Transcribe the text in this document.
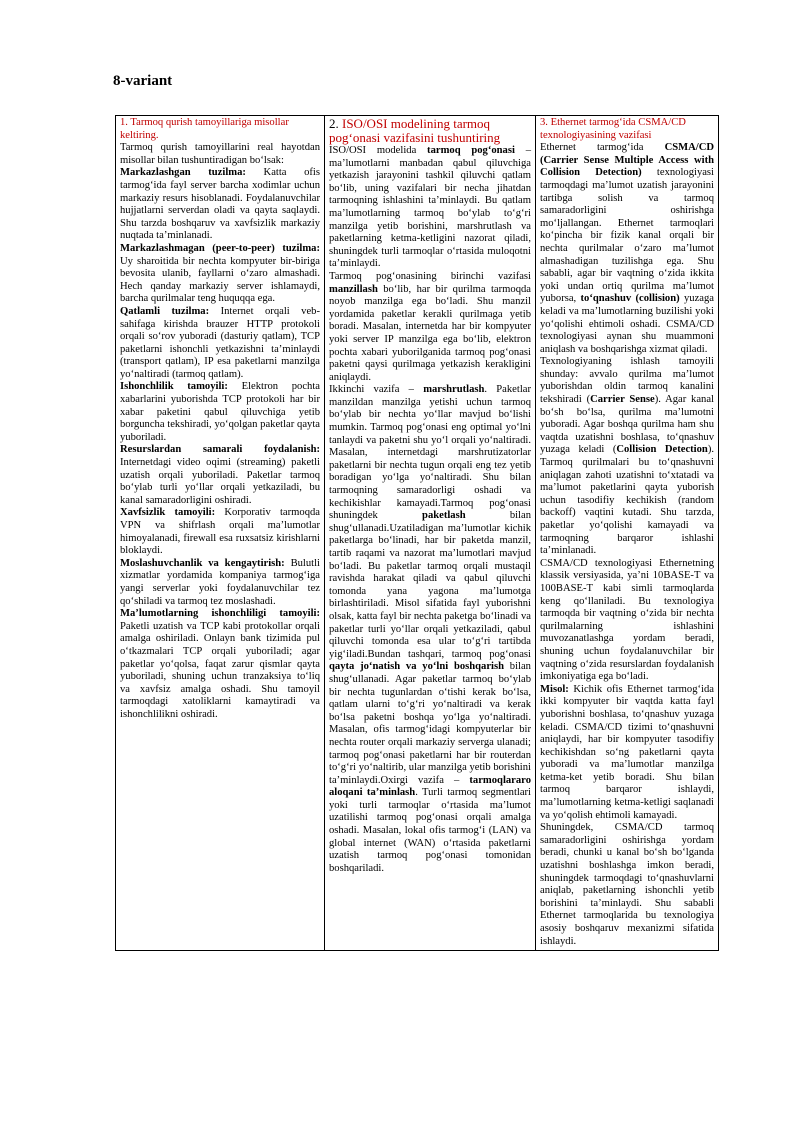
8-variant
1. Tarmoq qurish tamoyillariga misollar keltiring.

Tarmoq qurish tamoyillarini real hayotdan misollar bilan tushuntiradigan bo‘lsak:

Markazlashgan tuzilma: Katta ofis tarmog‘ida fayl server barcha xodimlar uchun markaziy resurs hisoblanadi. Foydalanuvchilar hujjatlarni serverdan oladi va qayta saqlaydi. Shu tarzda boshqaruv va xavfsizlik markaziy nuqtada ta’minlanadi.

Markazlashmagan (peer-to-peer) tuzilma: Uy sharoitida bir nechta kompyuter bir-biriga bevosita ulanib, fayllarni o‘zaro almashadi. Hech qanday markaziy server ishlamaydi, barcha qurilmalar teng huquqqa ega.

Qatlamli tuzilma: Internet orqali veb-sahifaga kirishda brauzer HTTP protokoli orqali so‘rov yuboradi (dasturiy qatlam), TCP paketlarni ishonchli yetkazishni ta’minlaydi (transport qatlam), IP esa paketlarni manzilga yo‘naltiradi (tarmoq qatlam).

Ishonchlilik tamoyili: Elektron pochta xabarlarini yuborishda TCP protokoli har bir xabar paketini qabul qiluvchiga yetib borguncha tekshiradi, yo‘qolgan paketlar qayta yuboriladi.

Resurslardan samarali foydalanish: Internetdagi video oqimi (streaming) paketli uzatish orqali yuboriladi. Paketlar tarmoq bo‘ylab turli yo‘llar orqali yetkaziladi, bu kanal samaradorligini oshiradi.

Xavfsizlik tamoyili: Korporativ tarmoqda VPN va shifrlash orqali ma’lumotlar himoyalanadi, firewall esa ruxsatsiz kirishlarni bloklaydi.

Moslashuvchanlik va kengaytirish: Bulutli xizmatlar yordamida kompaniya tarmog‘iga yangi serverlar yoki foydalanuvchilar tez qo‘shiladi va tarmoq tez moslashadi.

Ma’lumotlarning ishonchliligi tamoyili: Paketli uzatish va TCP kabi protokollar orqali amalga oshiriladi. Onlayn bank tizimida pul o‘tkazmalari TCP orqali yuboriladi; agar paketlar yo‘qolsa, faqat zarur qismlar qayta yuboriladi, shuning uchun tranzaksiya to‘liq va xavfsiz amalga oshadi. Shu tamoyil tarmoqdagi xatoliklarni kamaytiradi va ishonchlilikni oshiradi.

2. ISO/OSI modelining tarmoq pog‘onasi vazifasini tushuntiring

ISO/OSI modelida tarmoq pog‘onasi – ma’lumotlarni manbadan qabul qiluvchiga yetkazish jarayonini tashkil qiluvchi qatlam bo‘lib, uning vazifalari bir necha jihatdan tarmoqning ishlashini ta’minlaydi. Bu qatlam ma’lumotlarning tarmoq bo‘ylab to‘g‘ri manzilga yetib borishini, marshrutlash va paketlarning ketma-ketligini nazorat qiladi, shuningdek turli tarmoqlar o‘rtasida muloqotni ta’minlaydi.

Tarmoq pog‘onasining birinchi vazifasi manzillash bo‘lib, har bir qurilma tarmoqda noyob manzilga ega bo‘ladi. Shu manzil yordamida paketlar kerakli qurilmaga yetib boradi. Masalan, internetda har bir kompyuter yoki server IP manzilga ega bo‘lib, elektron pochta xabari yuborilganida tarmoq pog‘onasi paketni qaysi qurilmaga yetkazish kerakligini aniqlaydi.

Ikkinchi vazifa – marshrutlash. Paketlar manzildan manzilga yetishi uchun tarmoq bo‘ylab bir nechta yo‘llar mavjud bo‘lishi mumkin. Tarmoq pog‘onasi eng optimal yo‘lni tanlaydi va paketni shu yo‘l orqali yo‘naltiradi. Masalan, internetdagi marshrutizatorlar paketlarni bir nechta tugun orqali eng tez yetib boradigan yo‘lga yo‘naltiradi. Shu bilan tarmoqning samaradorligi oshadi va kechikishlar kamayadi.Tarmoq pog‘onasi shuningdek paketlash bilan shug‘ullanadi.Uzatiladigan ma’lumotlar kichik paketlarga bo‘linadi, har bir paketda manzil, tartib raqami va nazorat ma’lumotlari mavjud bo‘ladi. Bu paketlar tarmoq orqali mustaqil ravishda harakat qiladi va qabul qiluvchi tomonda yana yagona ma’lumotga birlashtiriladi. Misol sifatida fayl yuborishni olsak, katta fayl bir nechta paketga bo‘linadi va paketlar turli yo‘llar orqali yetkaziladi, qabul qiluvchi tomonda esa ular to‘g‘ri tartibda yig‘iladi.Bundan tashqari, tarmoq pog‘onasi qayta jo‘natish va yo‘lni boshqarish bilan shug‘ullanadi. Agar paketlar tarmoq bo‘ylab bir nechta tugunlardan o‘tishi kerak bo‘lsa, qatlam ularni to‘g‘ri yo‘naltiradi va kerak bo‘lsa paketni boshqa yo‘lga yo‘naltiradi. Masalan, ofis tarmog‘idagi kompyuterlar bir nechta router orqali markaziy serverga ulanadi; tarmoq pog‘onasi paketlarni har bir routerdan to‘g‘ri yo‘naltirib, ular manzilga yetib borishini ta’minlaydi.Oxirgi vazifa – tarmoqlararo aloqani ta’minlash. Turli tarmoq segmentlari yoki turli tarmoqlar o‘rtasida ma’lumot uzatilishi tarmoq pog‘onasi orqali amalga oshadi. Masalan, lokal ofis tarmog‘i (LAN) va global internet (WAN) o‘rtasida paketlarni uzatish tarmoq pog‘onasi tomonidan boshqariladi.

3. Ethernet tarmog‘ida CSMA/CD texnologiyasining vazifasi

Ethernet tarmog‘ida CSMA/CD (Carrier Sense Multiple Access with Collision Detection) texnologiyasi tarmoqdagi ma’lumot uzatish jarayonini tartibga solish va tarmoq samaradorligini oshirishga mo‘ljallangan. Ethernet tarmoqlari ko‘pincha bir fizik kanal orqali bir nechta qurilmalar o‘zaro ma’lumot almashadigan tuzilishga ega. Shu sababli, agar bir vaqtning o‘zida ikkita yoki undan ortiq qurilma ma’lumot yuborsa, to‘qnashuv (collision) yuzaga keladi va ma’lumotlarning buzilishi yoki yo‘qolishi ehtimoli oshadi. CSMA/CD texnologiyasi aynan shu muammoni aniqlash va boshqarishga xizmat qiladi.

Texnologiyaning ishlash tamoyili shunday: avvalo qurilma ma’lumot yuborishdan oldin tarmoq kanalini tekshiradi (Carrier Sense). Agar kanal bo‘sh bo‘lsa, qurilma ma’lumotni yuboradi. Agar boshqa qurilma ham shu vaqtda uzatishni boshlasa, to‘qnashuv yuzaga keladi (Collision Detection). Tarmoq qurilmalari bu to‘qnashuvni aniqlagan zahoti uzatishni to‘xtatadi va ma’lumot paketlarini qayta yuborish uchun tasodifiy kechikish (random backoff) vaqtini kutadi. Shu tarzda, paketlar yo‘qolishi kamayadi va tarmoqning barqaror ishlashi ta’minlanadi.

CSMA/CD texnologiyasi Ethernetning klassik versiyasida, ya’ni 10BASE-T va 100BASE-T kabi simli tarmoqlarda keng qo‘llaniladi. Bu texnologiya tarmoqda bir vaqtning o‘zida bir nechta qurilmalarning ishlashini muvozanatlashga yordam beradi, shuning uchun foydalanuvchilar bir vaqtning o‘zida resurslardan foydalanish imkoniyatiga ega bo‘ladi.

Misol: Kichik ofis Ethernet tarmog‘ida ikki kompyuter bir vaqtda katta fayl yuborishni boshlasa, to‘qnashuv yuzaga keladi. CSMA/CD tizimi to‘qnashuvni aniqlaydi, har bir kompyuter tasodifiy kechikishdan so‘ng paketlarni qayta yuboradi va ma’lumotlar manzilga ketma-ket yetib boradi. Shu bilan tarmoq barqaror ishlaydi, ma’lumotlarning ketma-ketligi saqlanadi va yo‘qolish ehtimoli kamayadi.

Shuningdek, CSMA/CD tarmoq samaradorligini oshirishga yordam beradi, chunki u kanal bo‘sh bo‘lganda uzatishni boshlashga imkon beradi, shuningdek tarmoqdagi to‘qnashuvlarni aniqlab, paketlarning ishonchli yetib borishini ta’minlaydi. Shu sababli Ethernet tarmoqlarida bu texnologiya asosiy boshqaruv mexanizmi sifatida ishlaydi.
